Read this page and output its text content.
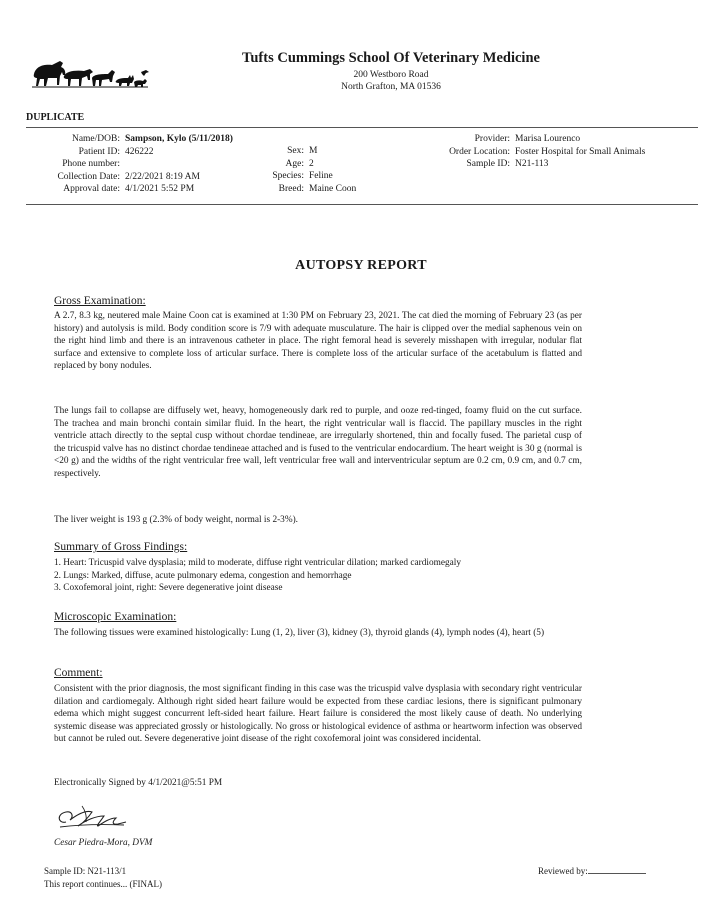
Tufts Cummings School Of Veterinary Medicine
200 Westboro Road
North Grafton, MA 01536
DUPLICATE
Name/DOB: Sampson, Kylo (5/11/2018)
Patient ID: 426222
Phone number:
Collection Date: 2/22/2021 8:19 AM
Approval date: 4/1/2021 5:52 PM
Sex: M
Age: 2
Species: Feline
Breed: Maine Coon
Provider: Marisa Lourenco
Order Location: Foster Hospital for Small Animals
Sample ID: N21-113
AUTOPSY REPORT
Gross Examination:
A 2.7, 8.3 kg, neutered male Maine Coon cat is examined at 1:30 PM on February 23, 2021. The cat died the morning of February 23 (as per history) and autolysis is mild. Body condition score is 7/9 with adequate musculature. The hair is clipped over the medial saphenous vein on the right hind limb and there is an intravenous catheter in place. The right femoral head is severely misshapen with irregular, nodular flat surface and extensive to complete loss of articular surface. There is complete loss of the articular surface of the acetabulum is flatted and replaced by bony nodules.
The lungs fail to collapse are diffusely wet, heavy, homogeneously dark red to purple, and ooze red-tinged, foamy fluid on the cut surface. The trachea and main bronchi contain similar fluid. In the heart, the right ventricular wall is flaccid. The papillary muscles in the right ventricle attach directly to the septal cusp without chordae tendineae, are irregularly shortened, thin and focally fused. The parietal cusp of the tricuspid valve has no distinct chordae tendineae attached and is fused to the ventricular endocardium. The heart weight is 30 g (normal is <20 g) and the widths of the right ventricular free wall, left ventricular free wall and interventricular septum are 0.2 cm, 0.9 cm, and 0.7 cm, respectively.
The liver weight is 193 g (2.3% of body weight, normal is 2-3%).
Summary of Gross Findings:
1. Heart: Tricuspid valve dysplasia; mild to moderate, diffuse right ventricular dilation; marked cardiomegaly
2. Lungs: Marked, diffuse, acute pulmonary edema, congestion and hemorrhage
3. Coxofemoral joint, right: Severe degenerative joint disease
Microscopic Examination:
The following tissues were examined histologically: Lung (1, 2), liver (3), kidney (3), thyroid glands (4), lymph nodes (4), heart (5)
Comment:
Consistent with the prior diagnosis, the most significant finding in this case was the tricuspid valve dysplasia with secondary right ventricular dilation and cardiomegaly. Although right sided heart failure would be expected from these cardiac lesions, there is significant pulmonary edema which might suggest concurrent left-sided heart failure. Heart failure is considered the most likely cause of death. No underlying systemic disease was appreciated grossly or histologically. No gross or histological evidence of asthma or heartworm infection was observed but cannot be ruled out. Severe degenerative joint disease of the right coxofemoral joint was considered incidental.
Electronically Signed by 4/1/2021@5:51 PM
Cesar Piedra-Mora, DVM
Sample ID: N21-113/1
This report continues... (FINAL)
Reviewed by:
